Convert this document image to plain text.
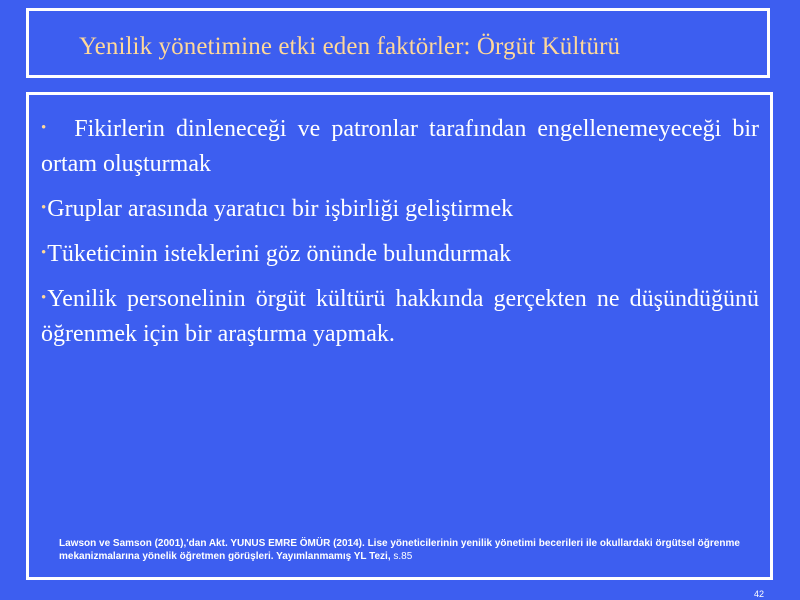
Yenilik yönetimine etki eden faktörler: Örgüt Kültürü
• Fikirlerin dinleneceği ve patronlar tarafından engellenemeyeceği bir ortam oluşturmak
•Gruplar arasında yaratıcı bir işbirliği geliştirmek
•Tüketicinin isteklerini göz önünde bulundurmak
•Yenilik personelinin örgüt kültürü hakkında gerçekten ne düşündüğünü öğrenmek için bir araştırma yapmak.
Lawson ve Samson (2001),'dan Akt. YUNUS EMRE ÖMÜR (2014). Lise yöneticilerinin yenilik yönetimi becerileri ile okullardaki örgütsel öğrenme mekanizmalarına yönelik öğretmen görüşleri. Yayımlanmamış YL Tezi, s.85
42
